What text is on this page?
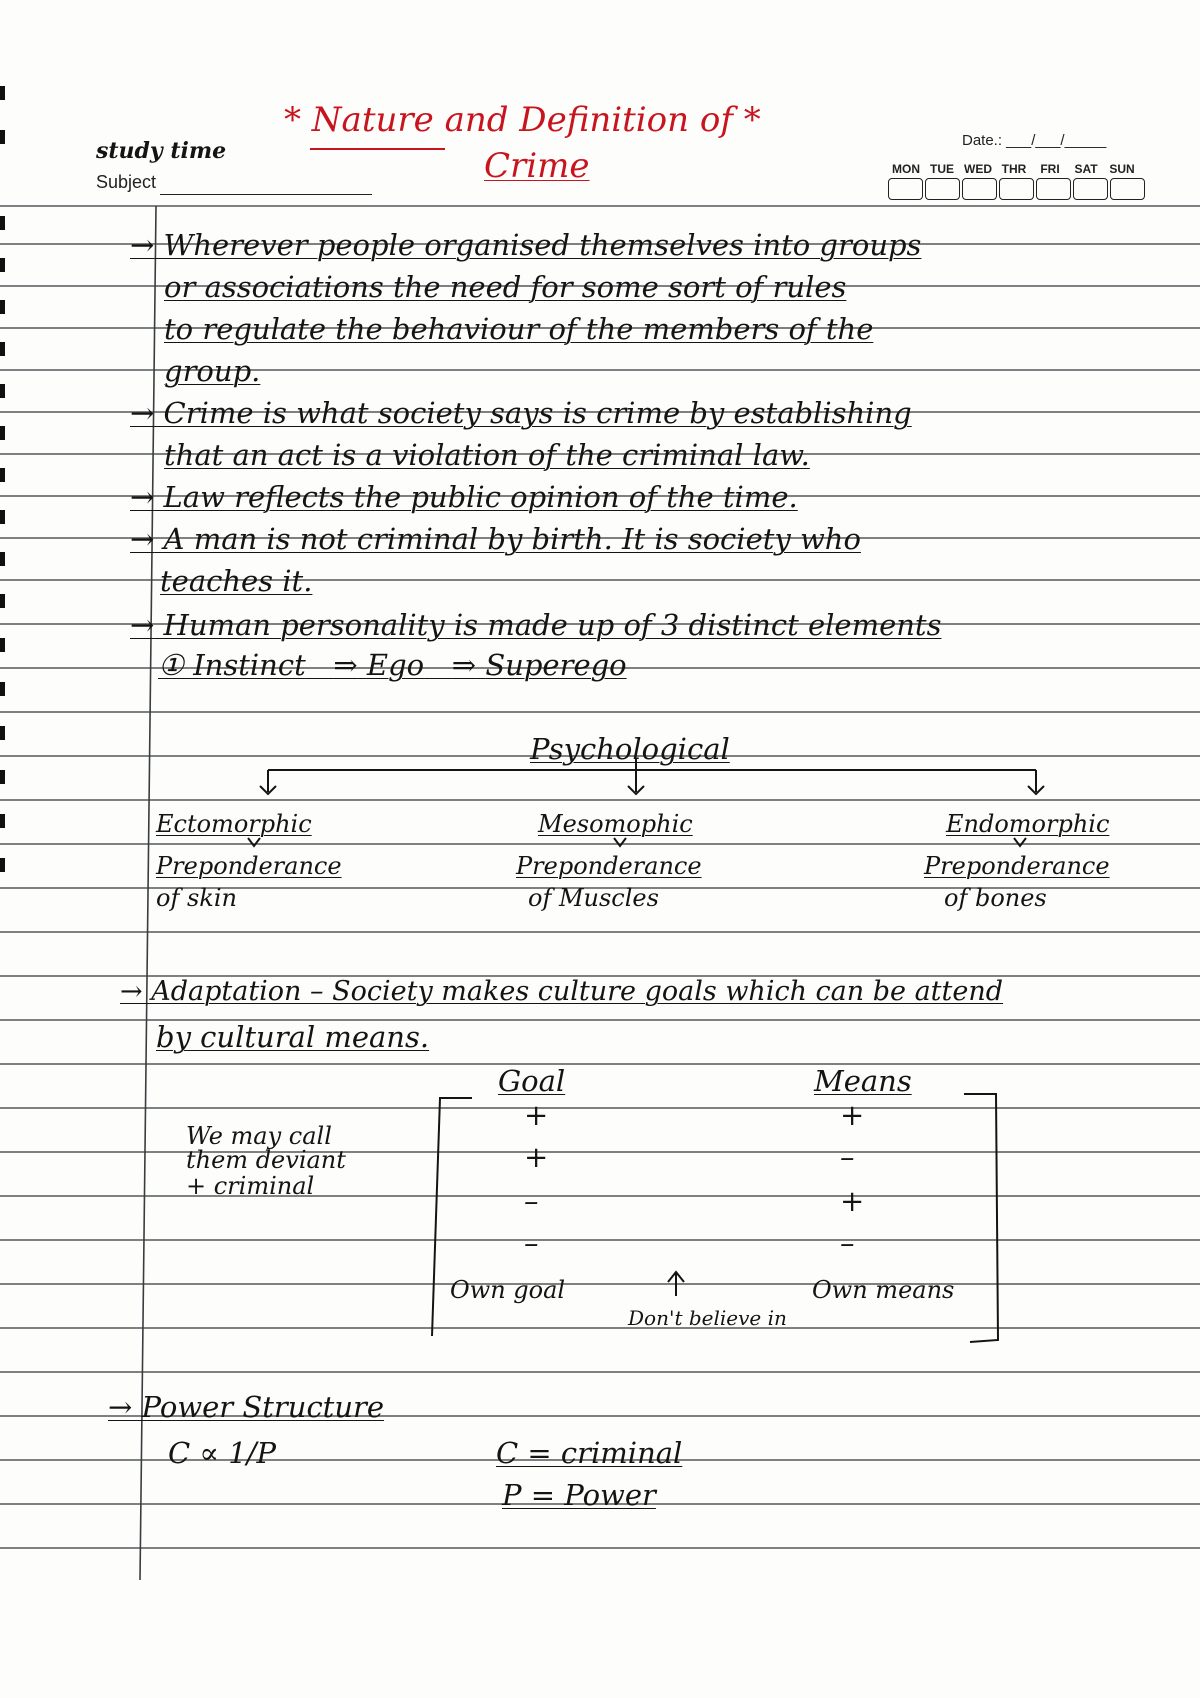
study time
Subject
Date.: ___/___/_____
MON TUE WED THR FRI SAT SUN
* Nature and Definition of *
Crime
→ Wherever people organised themselves into groups
or associations the need for some sort of rules
to regulate the behaviour of the members of the
group.
→ Crime is what society says is crime by establishing
that an act is a violation of the criminal law.
→ Law reflects the public opinion of the time.
→ A man is not criminal by birth. It is society who
teaches it.
→ Human personality is made up of 3 distinct elements
① Instinct ⇒ Ego ⇒ Superego
Psychological
Ectomorphic
Preponderance
of skin
Mesomophic
Preponderance
of Muscles
Endomorphic
Preponderance
of bones
→ Adaptation – Society makes culture goals which can be attend
by cultural means.
Goal	Means
+	+
+	–
–	+
–	–
We may call
them deviant
+ criminal
Own goal	Own means
Don't believe in
→ Power Structure
C ∝ 1/P	C = criminal
P = Power
